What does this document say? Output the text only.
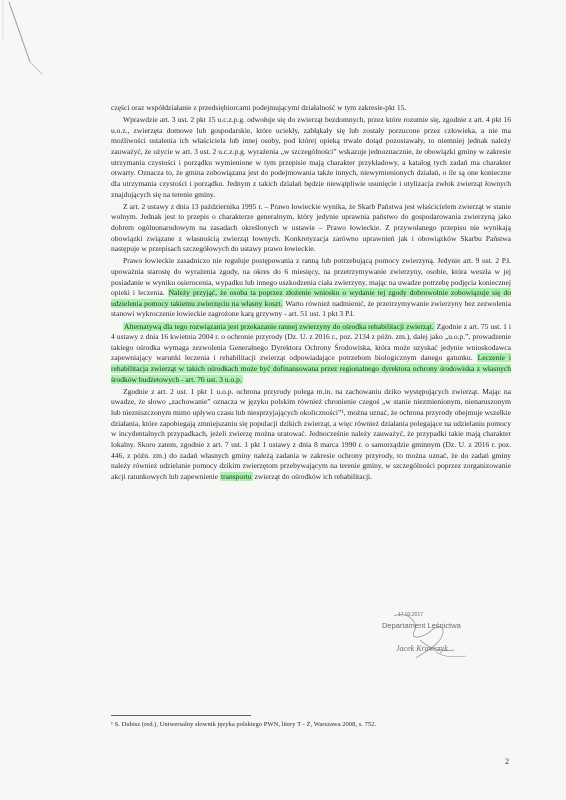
części oraz współdziałanie z przedsiębiorcami podejmującymi działalność w tym zakresie-pkt 15.

Wprawdzie art. 3 ust. 2 pkt 15 u.c.z.p.g. odwołuje się do zwierząt bezdomnych, przez które rozumie się, zgodnie z art. 4 pkt 16 u.o.z., zwierzęta domowe lub gospodarskie, które uciekły, zabłąkały się lub zostały porzucone przez człowieka, a nie ma możliwości ustalenia ich właściciela lub innej osoby, pod której opieką trwale dotąd pozostawały, to niemniej jednak należy zauważyć, że użycie w art. 3 ust. 2 u.c.z.p.g. wyrażenia „w szczególności” wskazuje jednoznacznie, że obowiązki gminy w zakresie utrzymania czystości i porządku wymienione w tym przepisie mają charakter przykładowy, a katalog tych zadań ma charakter otwarty. Oznacza to, że gmina zobowiązana jest do podejmowania także innych, niewymienionych działań, o ile są one konieczne dla utrzymania czystości i porządku. Jednym z takich działań będzie niewątpliwie usunięcie i utylizacja zwłok zwierząt łownych znajdujących się na terenie gminy.

Z art. 2 ustawy z dnia 13 października 1995 r. – Prawo łowieckie wynika, że Skarb Państwa jest właścicielem zwierząt w stanie wolnym. Jednak jest to przepis o charakterze generalnym, który jedynie uprawnia państwo do gospodarowania zwierzyną jako dobrem ogólnonarodowym na zasadach określonych w ustawie – Prawo łowieckie. Z przywołanego przepisu nie wynikają obowiązki związane z własnością zwierząt łownych. Konkretyzacja zarówno uprawnień jak i obowiązków Skarbu Państwa następuje w przepisach szczegółowych do ustawy prawo łowieckie.

Prawo łowieckie zasadniczo nie reguluje postępowania z ranną lub potrzebującą pomocy zwierzyną. Jedynie art. 9 ust. 2 P.ł. upoważnia starostę do wyrażenia zgody, na okres do 6 miesięcy, na przetrzymywanie zwierzyny, osobie, która weszła w jej posiadanie w wyniku osierocenia, wypadku lub innego uszkodzenia ciała zwierzyny, mając na uwadze potrzebę podjęcia koniecznej opieki i leczenia. Należy przyjąć, że osoba ta poprzez złożenie wniosku o wydanie tej zgody dobrowolnie zobowiązuje się do udzielenia pomocy takiemu zwierzęciu na własny koszt. Warto również nadmienić, że przetrzymywanie zwierzyny bez zezwolenia stanowi wykroczenie łowieckie zagrożone karą grzywny - art. 51 ust. 1 pkt 3 P.ł.

Alternatywą dla tego rozwiązania jest przekazanie rannej zwierzyny do ośrodka rehabilitacji zwierząt. Zgodnie z art. 75 ust. 1 i 4 ustawy z dnia 16 kwietnia 2004 r. o ochronie przyrody (Dz. U. z 2016 r., poz. 2134 z późn. zm.), dalej jako „u.o.p.”, prowadzenie takiego ośrodka wymaga zezwolenia Generalnego Dyrektora Ochrony Środowiska, która może uzyskać jedynie wnioskodawca zapewniający warunki leczenia i rehabilitacji zwierząt odpowiadające potrzebom biologicznym danego gatunku. Leczenie i rehabilitacja zwierząt w takich ośrodkach może być dofinansowana przez regionalnego dyrektora ochrony środowiska z własnych środków budżetowych - art. 76 ust. 3 u.o.p.

Zgodnie z art. 2 ust. 1 pkt 1 u.o.p. ochrona przyrody polega m.in. na zachowaniu dziko występujących zwierząt. Mając na uwadze, że słowo „zachowanie” oznacza w języku polskim również chronienie czegoś „w stanie niezmienionym, nienaruszonym lub niezniszczonym mimo upływu czasu lub niesprzyjających okoliczności”¹, można uznać, że ochrona przyrody obejmuje wszelkie działania, które zapobiegają zmniejszaniu się populacji dzikich zwierząt, a więc również działania polegające na udzielaniu pomocy w incydentalnych przypadkach, jeżeli zwierzę można uratować. Jednocześnie należy zauważyć, że przypadki takie mają charakter lokalny. Skoro zatem, zgodnie z art. 7 ust. 1 pkt 1 ustawy z dnia 8 marca 1990 r. o samorządzie gminnym (Dz. U. z 2016 r. poz. 446, z późn. zm.) do zadań własnych gminy należą zadania w zakresie ochrony przyrody, to można uznać, że do zadań gminy należy również udzielanie pomocy dzikim zwierzętom przebywającym na terenie gminy, w szczególności poprzez zorganizowanie akcji ratunkowych lub zapewnienie transportu zwierząt do ośrodków ich rehabilitacji.

17.03.2017
Departament Leśnictwa
Jacek Krawczyk
¹ S. Dubisz (red.), Uniwersalny słownik języka polskiego PWN, litery T - Ż, Warszawa 2008, s. 752.
2
